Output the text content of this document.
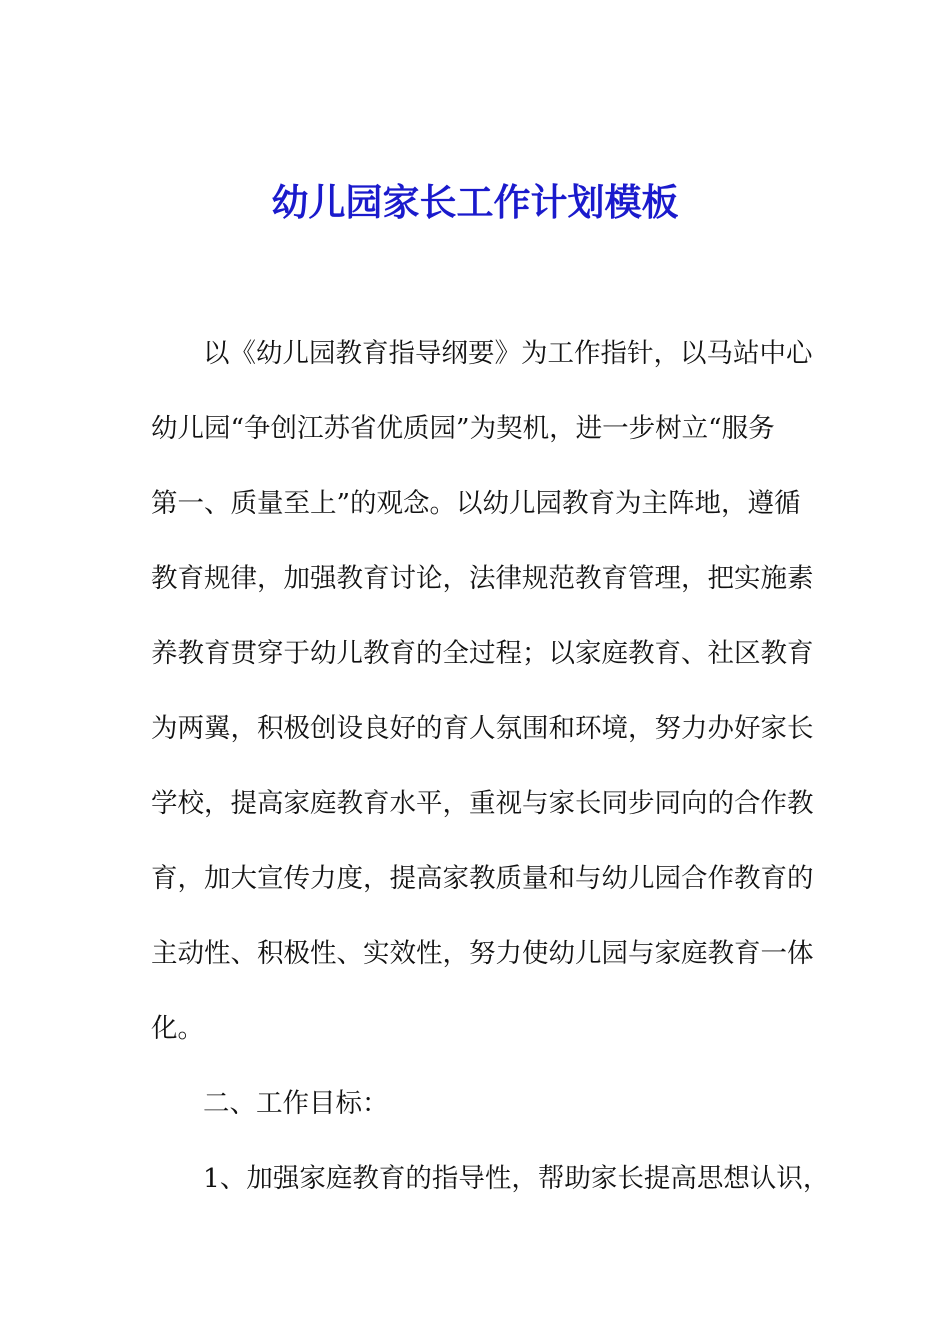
幼儿园家长工作计划模板
以《幼儿园教育指导纲要》为工作指针，以马站中心
幼儿园“争创江苏省优质园”为契机，进一步树立“服务
第一、质量至上”的观念。以幼儿园教育为主阵地，遵循
教育规律，加强教育讨论，法律规范教育管理，把实施素
养教育贯穿于幼儿教育的全过程；以家庭教育、社区教育
为两翼，积极创设良好的育人氛围和环境，努力办好家长
学校，提高家庭教育水平，重视与家长同步同向的合作教
育，加大宣传力度，提高家教质量和与幼儿园合作教育的
主动性、积极性、实效性，努力使幼儿园与家庭教育一体
化。
二、工作目标：
1、加强家庭教育的指导性，帮助家长提高思想认识，
